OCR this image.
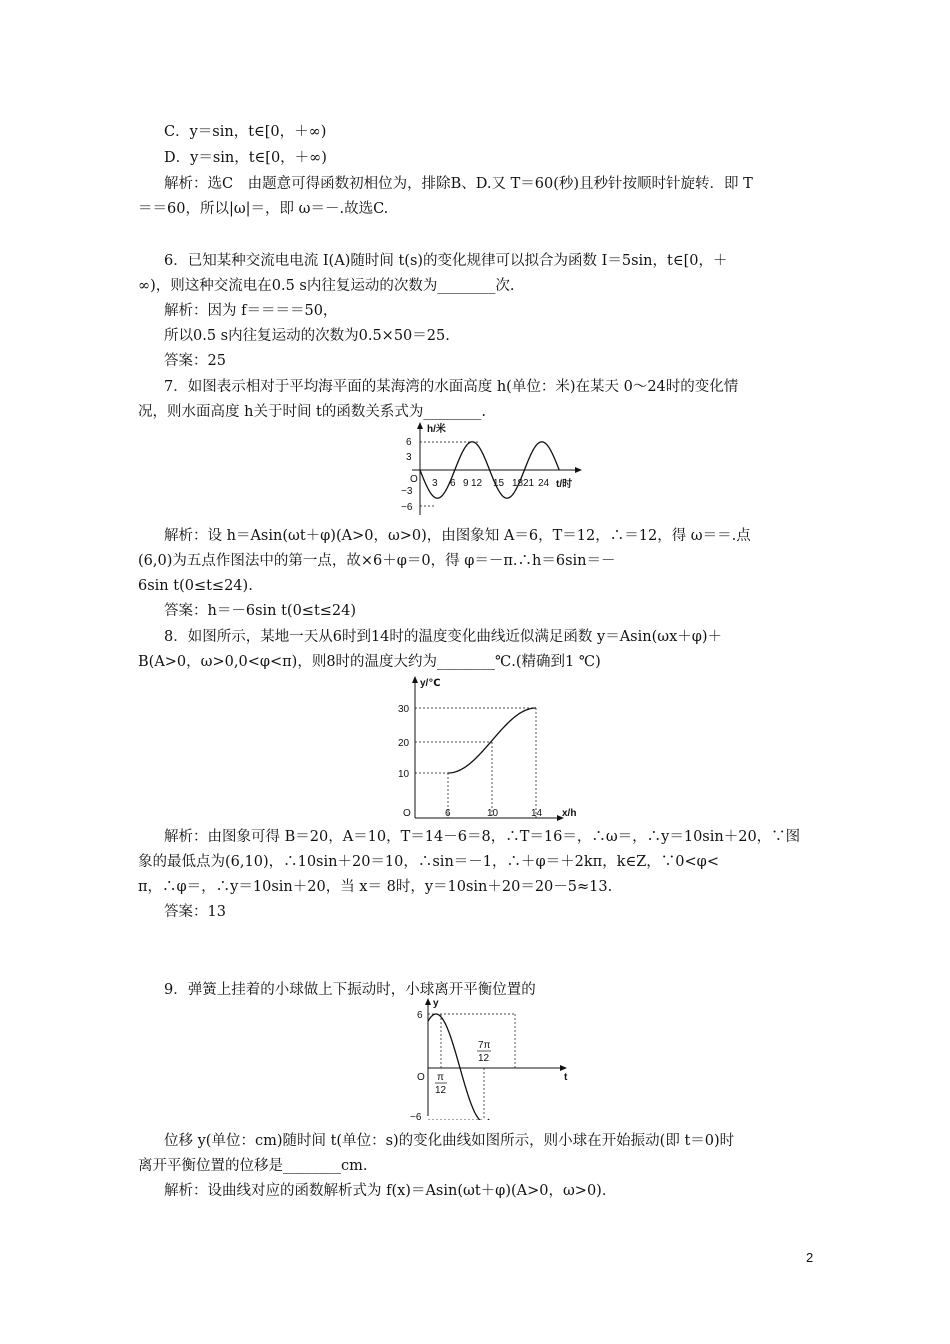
C．y＝sin，t∈[0，＋∞)
D．y＝sin，t∈[0，＋∞)
解析：选C　由题意可得函数初相位为，排除B、D.又 T＝60(秒)且秒针按顺时针旋转．即 T
＝＝60，所以|ω|＝，即 ω＝－.故选C.
6．已知某种交流电电流 I(A)随时间 t(s)的变化规律可以拟合为函数 I＝5sin，t∈[0，＋
∞)，则这种交流电在0.5 s内往复运动的次数为________次.
解析：因为 f＝＝＝＝50，
所以0.5 s内往复运动的次数为0.5×50＝25.
答案：25
7．如图表示相对于平均海平面的某海湾的水面高度 h(单位：米)在某天 0～24时的变化情
况，则水面高度 h关于时间 t的函数关系式为________.
h/米
6
3
O
−3
−6
3 6 9 12 15 18 21 24 t/时
解析：设 h＝Asin(ωt＋φ)(A>0，ω>0)，由图象知 A＝6，T＝12，∴＝12，得 ω＝＝.点
(6,0)为五点作图法中的第一点，故×6＋φ＝0，得 φ＝－π.∴h＝6sin＝－
6sin t(0≤t≤24).
答案：h＝－6sin t(0≤t≤24)
8．如图所示，某地一天从6时到14时的温度变化曲线近似满足函数 y＝Asin(ωx＋φ)＋
B(A>0，ω>0,0<φ<π)，则8时的温度大约为________℃.(精确到1 ℃)
y/℃
30
20
10
O	6	10	14 x/h
解析：由图象可得 B＝20，A＝10，T＝14－6＝8，∴T＝16＝，∴ω＝，∴y＝10sin＋20，∵图
象的最低点为(6,10)，∴10sin＋20＝10，∴sin＝－1，∴＋φ＝＋2kπ，k∈Z，∵0<φ<
π，∴φ＝，∴y＝10sin＋20，当 x＝ 8时，y＝10sin＋20＝20－5≈13.
答案：13
9．弹簧上挂着的小球做上下振动时，小球离开平衡位置的
y
6
O
−6
π
12
7π
12
t
位移 y(单位：cm)随时间 t(单位：s)的变化曲线如图所示，则小球在开始振动(即 t＝0)时
离开平衡位置的位移是________cm.
解析：设曲线对应的函数解析式为 f(x)＝Asin(ωt＋φ)(A>0，ω>0)．
2
